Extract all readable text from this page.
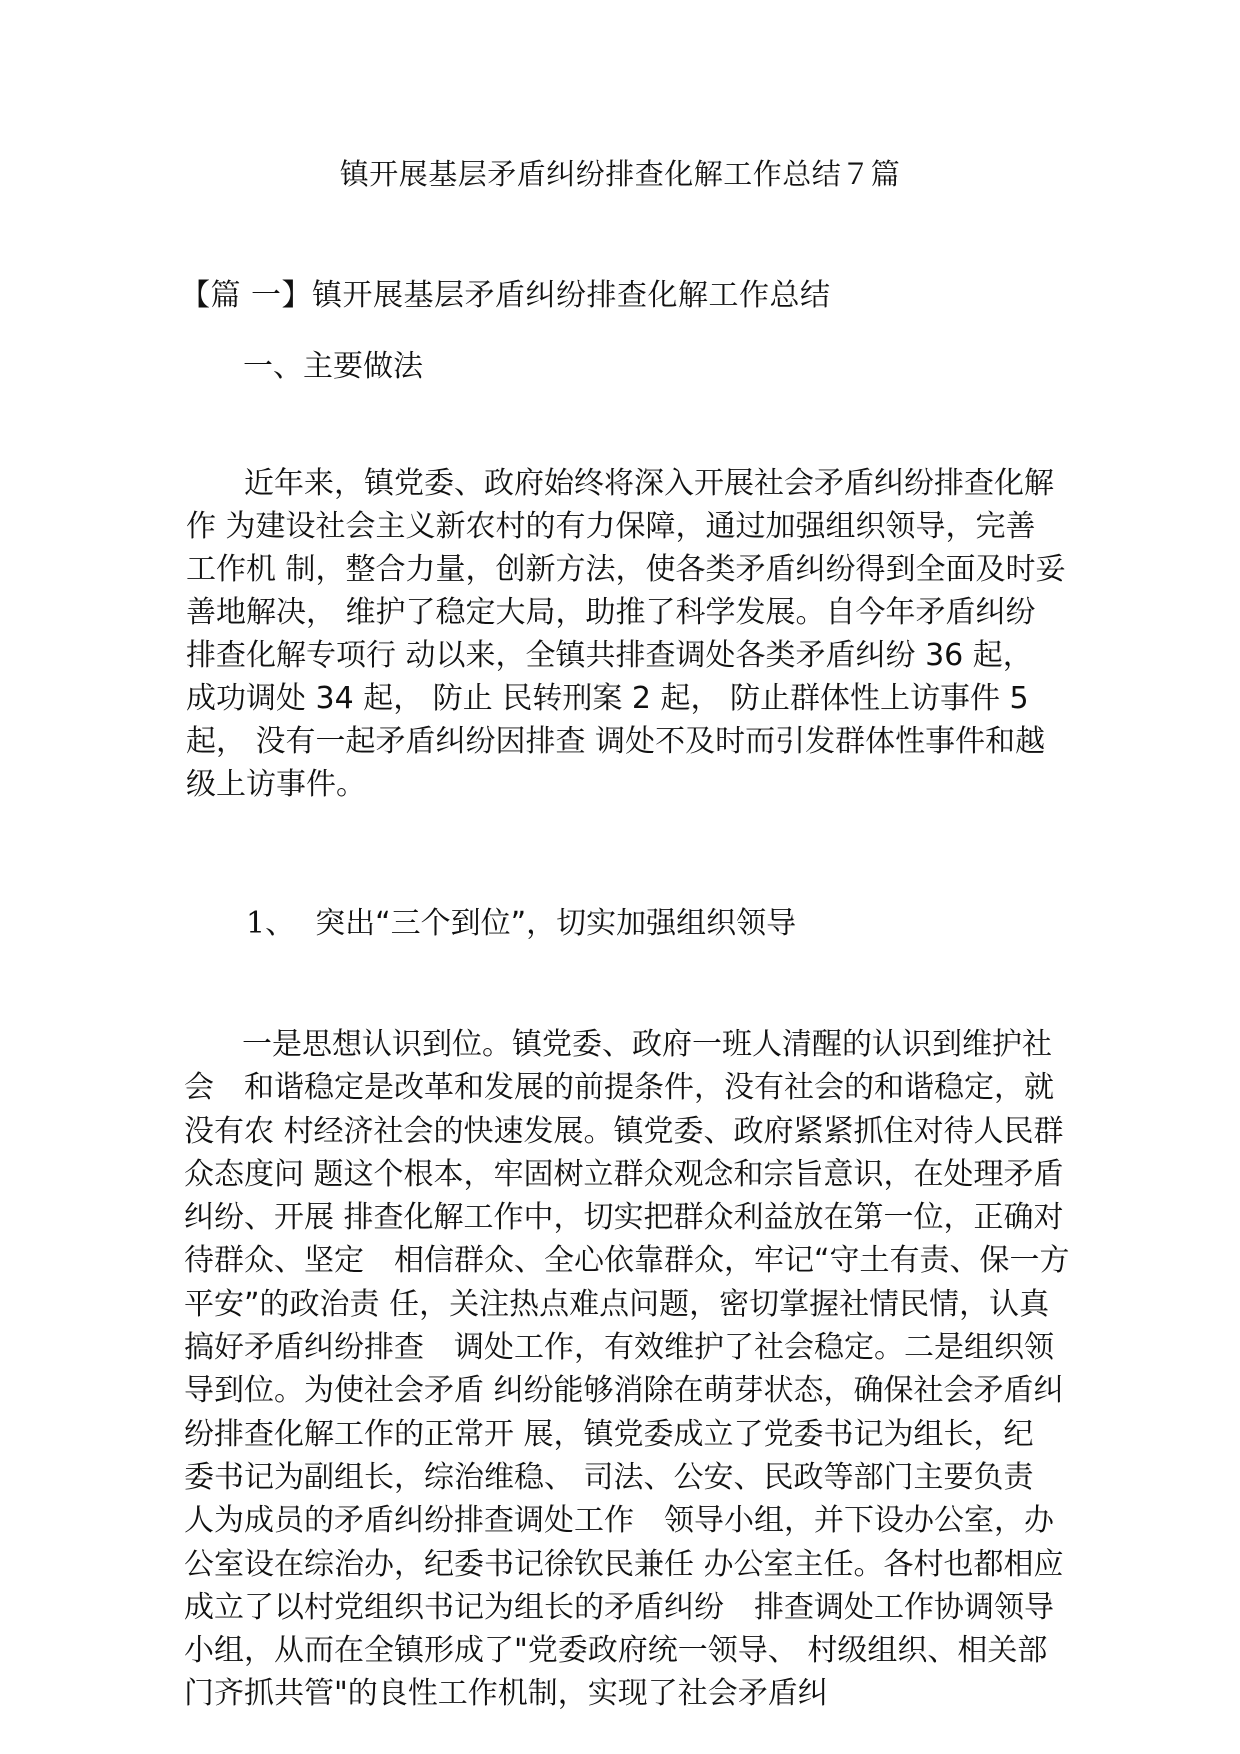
镇开展基层矛盾纠纷排查化解工作总结７篇
【篇 一】镇开展基层矛盾纠纷排查化解工作总结
一、主要做法
近年来，镇党委、政府始终将深入开展社会矛盾纠纷排查化解
作 为建设社会主义新农村的有力保障，通过加强组织领导，完善
工作机 制，整合力量，创新方法，使各类矛盾纠纷得到全面及时妥
善地解决， 维护了稳定大局，助推了科学发展。自今年矛盾纠纷
排查化解专项行 动以来，全镇共排查调处各类矛盾纠纷 36 起，
成功调处 34 起， 防止 民转刑案 2 起， 防止群体性上访事件 5
起， 没有一起矛盾纠纷因排查 调处不及时而引发群体性事件和越
级上访事件。
1、 突出“三个到位”，切实加强组织领导
一是思想认识到位。镇党委、政府一班人清醒的认识到维护社
会　和谐稳定是改革和发展的前提条件，没有社会的和谐稳定，就
没有农 村经济社会的快速发展。镇党委、政府紧紧抓住对待人民群
众态度问 题这个根本，牢固树立群众观念和宗旨意识，在处理矛盾
纠纷、开展 排查化解工作中，切实把群众利益放在第一位，正确对
待群众、坚定　相信群众、全心依靠群众，牢记“守土有责、保一方
平安”的政治责 任，关注热点难点问题，密切掌握社情民情，认真
搞好矛盾纠纷排查　调处工作，有效维护了社会稳定。二是组织领
导到位。为使社会矛盾 纠纷能够消除在萌芽状态，确保社会矛盾纠
纷排查化解工作的正常开 展，镇党委成立了党委书记为组长，纪
委书记为副组长，综治维稳、 司法、公安、民政等部门主要负责
人为成员的矛盾纠纷排查调处工作　领导小组，并下设办公室，办
公室设在综治办，纪委书记徐钦民兼任 办公室主任。各村也都相应
成立了以村党组织书记为组长的矛盾纠纷　排查调处工作协调领导
小组，从而在全镇形成了"党委政府统一领导、 村级组织、相关部
门齐抓共管"的良性工作机制，实现了社会矛盾纠
